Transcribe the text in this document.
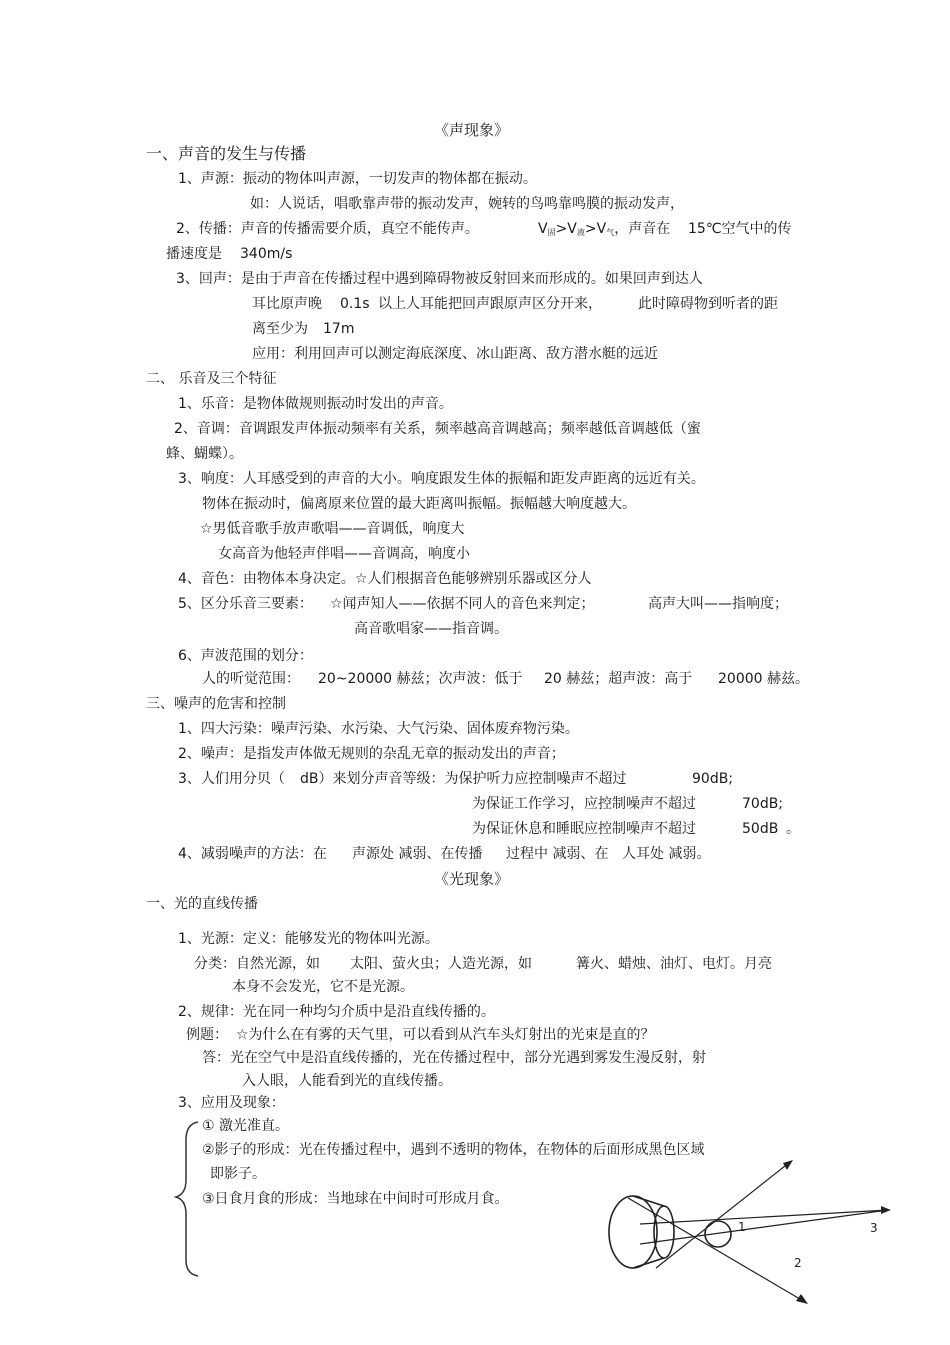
《声现象》
一、声音的发生与传播
1、声源：振动的物体叫声源，一切发声的物体都在振动。
如：人说话，唱歌靠声带的振动发声，婉转的鸟鸣靠鸣膜的振动发声，
2、传播：声音的传播需要介质，真空不能传声。	$V_固>V_液>V_气$，声音在 15℃空气中的传
播速度是 340m/s
3、回声：是由于声音在传播过程中遇到障碍物被反射回来而形成的。如果回声到达人
耳比原声晚 0.1s 以上人耳能把回声跟原声区分开来，	此时障碍物到听者的距
离至少为 17m
应用：利用回声可以测定海底深度、冰山距离、敌方潜水艇的远近
二、 乐音及三个特征
1、乐音：是物体做规则振动时发出的声音。
2、音调：音调跟发声体振动频率有关系，频率越高音调越高；频率越低音调越低（蜜
蜂、蝴蝶）。
3、响度：人耳感受到的声音的大小。响度跟发生体的振幅和距发声距离的远近有关。
物体在振动时，偏离原来位置的最大距离叫振幅。振幅越大响度越大。
☆男低音歌手放声歌唱——音调低，响度大
女高音为他轻声伴唱——音调高，响度小
4、音色：由物体本身决定。☆人们根据音色能够辨别乐器或区分人
5、区分乐音三要素： ☆闻声知人——依据不同人的音色来判定；	高声大叫——指响度；
高音歌唱家——指音调。
6、声波范围的划分：
人的听觉范围： 20~20000 赫兹；次声波：低于 20 赫兹；超声波：高于 20000 赫兹。
三、噪声的危害和控制
1、四大污染：噪声污染、水污染、大气污染、固体废弃物污染。
2、噪声：是指发声体做无规则的杂乱无章的振动发出的声音；
3、人们用分贝（ dB）来划分声音等级：为保护听力应控制噪声不超过	90dB;
为保证工作学习，应控制噪声不超过	70dB;
为保证休息和睡眠应控制噪声不超过	50dB 。
4、减弱噪声的方法：在 声源处 减弱、在传播 过程中 减弱、在 人耳处 减弱。
《光现象》
一、光的直线传播
1、光源：定义：能够发光的物体叫光源。
分类：自然光源，如 太阳、萤火虫；人造光源，如	篝火、蜡烛、油灯、电灯。月亮
本身不会发光，它不是光源。
2、规律：光在同一种均匀介质中是沿直线传播的。
例题： ☆为什么在有雾的天气里，可以看到从汽车头灯射出的光束是直的？
答：光在空气中是沿直线传播的，光在传播过程中，部分光遇到雾发生漫反射，射
入人眼，人能看到光的直线传播。
3、应用及现象：
① 激光准直。
②影子的形成：光在传播过程中，遇到不透明的物体，在物体的后面形成黑色区域
即影子。
③日食月食的形成：当地球在中间时可形成月食。
1
2
3
